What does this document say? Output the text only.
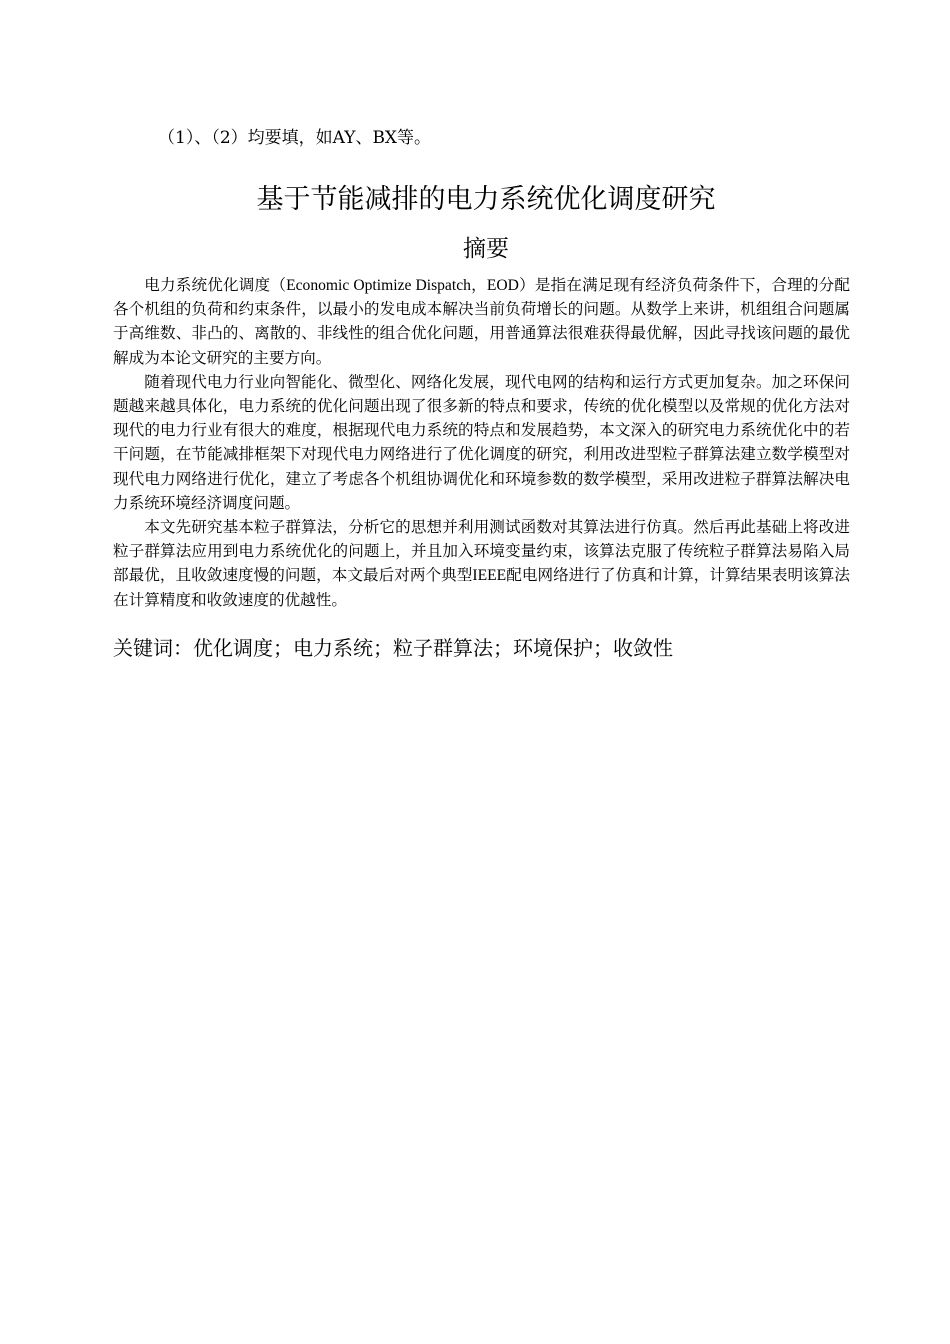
（1）、（2）均要填，如AY、BX等。
基于节能减排的电力系统优化调度研究
摘要

电力系统优化调度（Economic Optimize Dispatch，EOD）是指在满足现有经济负荷条件下，合理的分配各个机组的负荷和约束条件，以最小的发电成本解决当前负荷增长的问题。从数学上来讲，机组组合问题属于高维数、非凸的、离散的、非线性的组合优化问题，用普通算法很难获得最优解，因此寻找该问题的最优解成为本论文研究的主要方向。

随着现代电力行业向智能化、微型化、网络化发展，现代电网的结构和运行方式更加复杂。加之环保问题越来越具体化，电力系统的优化问题出现了很多新的特点和要求，传统的优化模型以及常规的优化方法对现代的电力行业有很大的难度，根据现代电力系统的特点和发展趋势，本文深入的研究电力系统优化中的若干问题，在节能减排框架下对现代电力网络进行了优化调度的研究，利用改进型粒子群算法建立数学模型对现代电力网络进行优化，建立了考虑各个机组协调优化和环境参数的数学模型，采用改进粒子群算法解决电力系统环境经济调度问题。

本文先研究基本粒子群算法，分析它的思想并利用测试函数对其算法进行仿真。然后再此基础上将改进粒子群算法应用到电力系统优化的问题上，并且加入环境变量约束，该算法克服了传统粒子群算法易陷入局部最优，且收敛速度慢的问题，本文最后对两个典型IEEE配电网络进行了仿真和计算，计算结果表明该算法在计算精度和收敛速度的优越性。

关键词：优化调度；电力系统；粒子群算法；环境保护；收敛性
